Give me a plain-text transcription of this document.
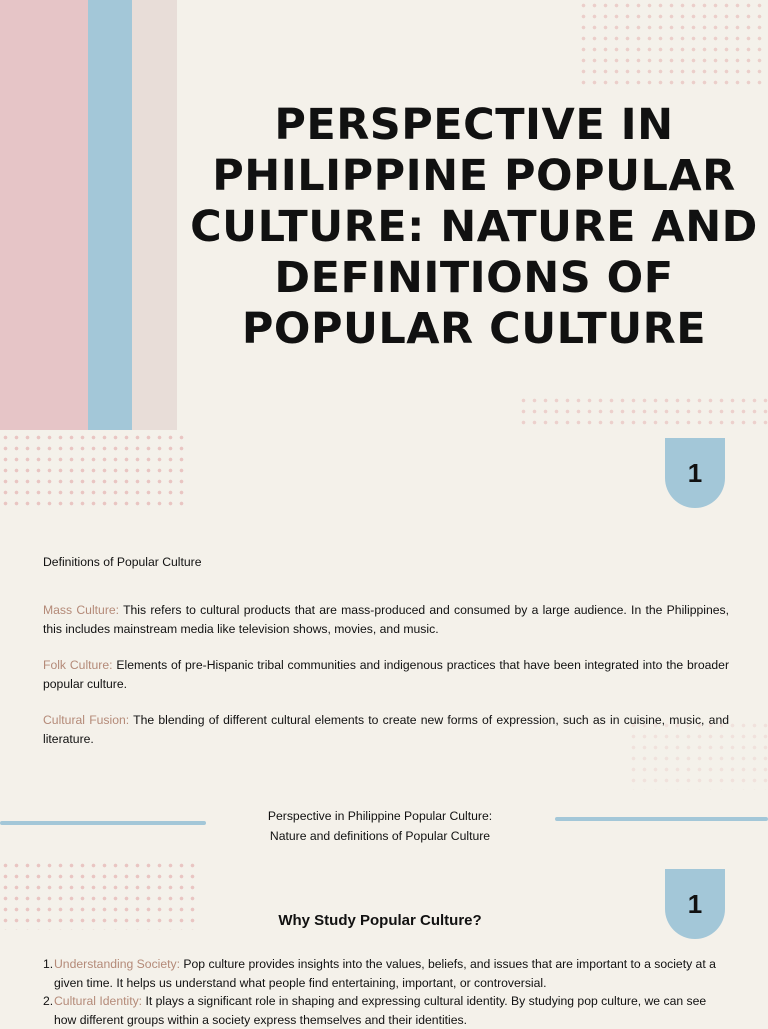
PERSPECTIVE IN PHILIPPINE POPULAR CULTURE: NATURE AND DEFINITIONS OF POPULAR CULTURE
1
Definitions of Popular Culture

Mass Culture: This refers to cultural products that are mass-produced and consumed by a large audience. In the Philippines, this includes mainstream media like television shows, movies, and music.

Folk Culture: Elements of pre-Hispanic tribal communities and indigenous practices that have been integrated into the broader popular culture.

Cultural Fusion: The blending of different cultural elements to create new forms of expression, such as in cuisine, music, and literature.

Perspective in Philippine Popular Culture:
Nature and definitions of Popular Culture
1
Why Study Popular Culture?
1. Understanding Society: Pop culture provides insights into the values, beliefs, and issues that are important to a society at a given time. It helps us understand what people find entertaining, important, or controversial.
2. Cultural Identity: It plays a significant role in shaping and expressing cultural identity. By studying pop culture, we can see how different groups within a society express themselves and their identities.
